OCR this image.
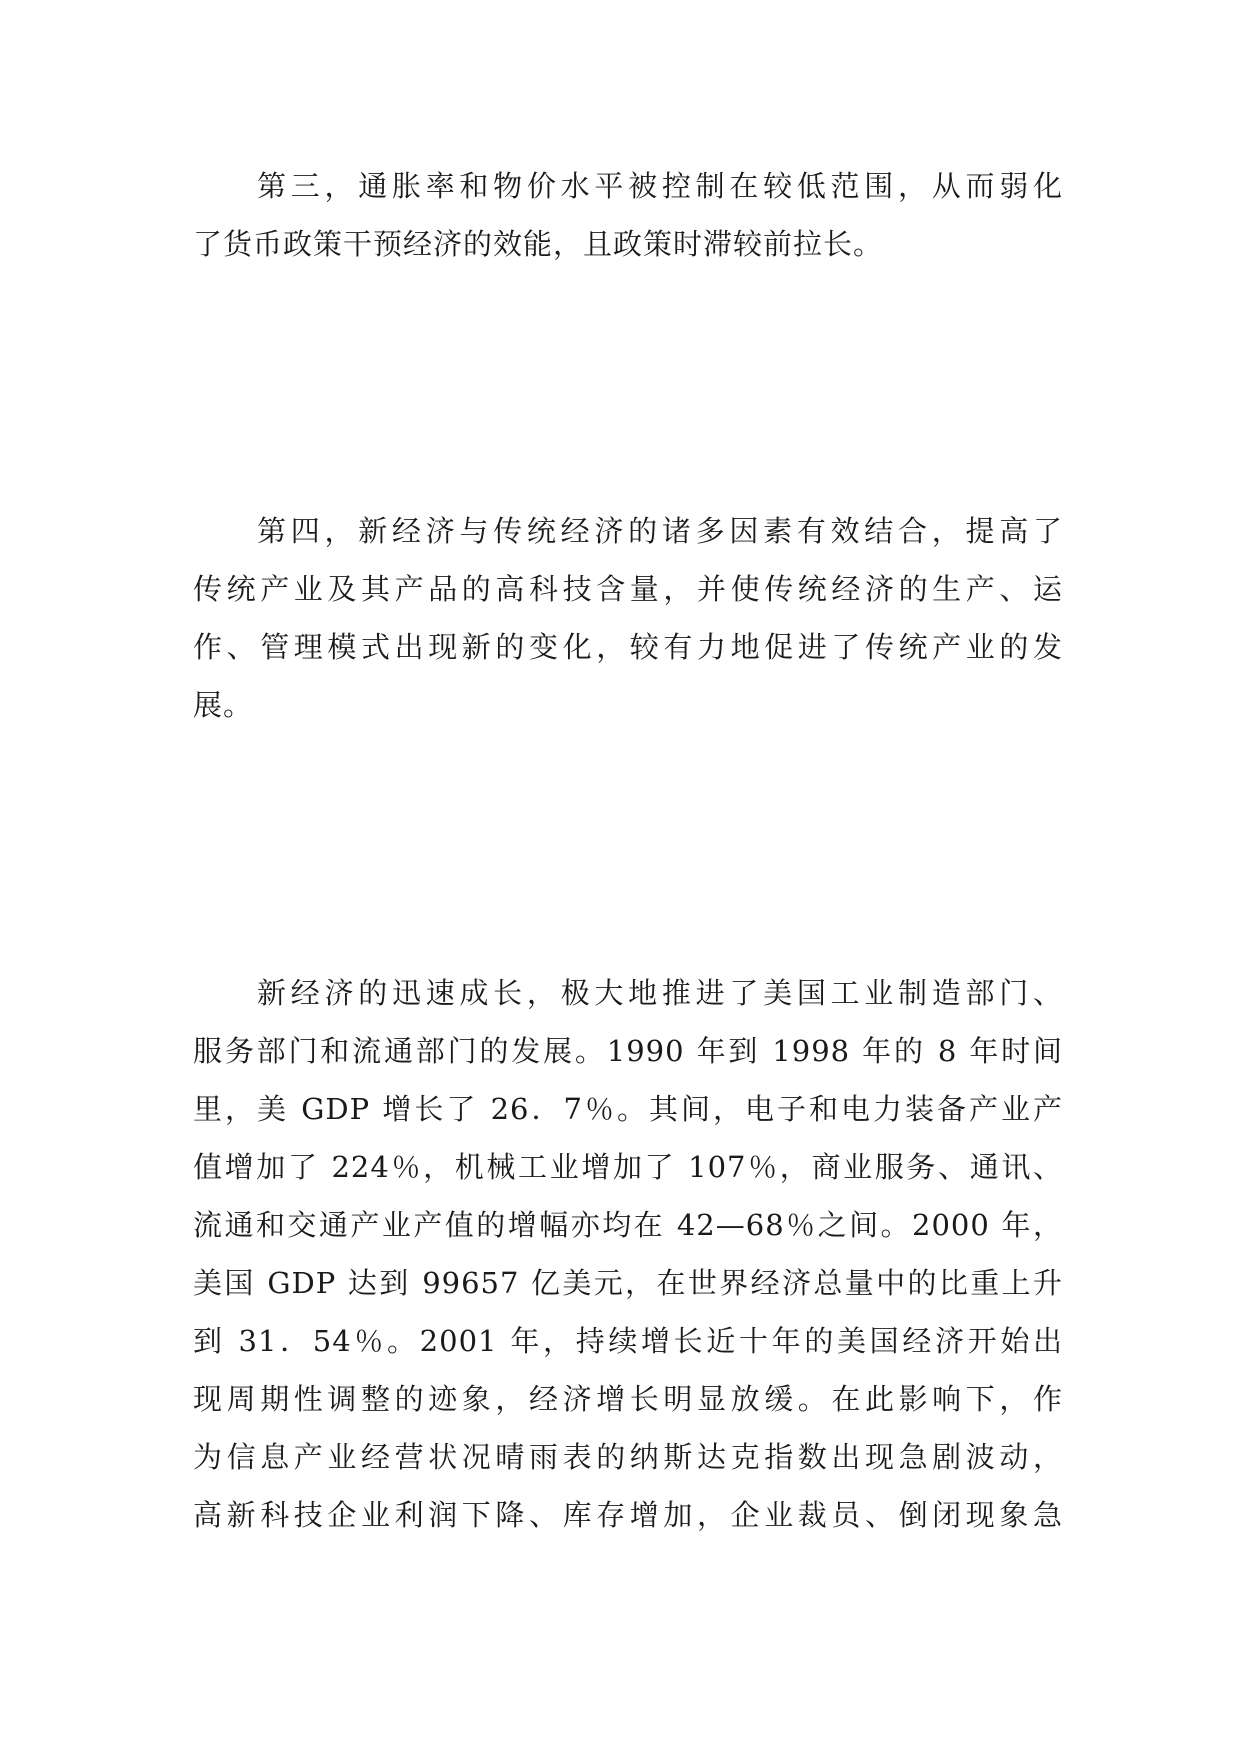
第三，通胀率和物价水平被控制在较低范围，从而弱化
了货币政策干预经济的效能，且政策时滞较前拉长。
第四，新经济与传统经济的诸多因素有效结合，提高了
传统产业及其产品的高科技含量，并使传统经济的生产、运
作、管理模式出现新的变化，较有力地促进了传统产业的发
展。
新经济的迅速成长，极大地推进了美国工业制造部门、
服务部门和流通部门的发展。1990 年到 1998 年的 8 年时间
里，美 GDP 增长了 26．7％。其间，电子和电力装备产业产
值增加了 224％，机械工业增加了 107％，商业服务、通讯、
流通和交通产业产值的增幅亦均在 42—68％之间。2000 年，
美国 GDP 达到 99657 亿美元，在世界经济总量中的比重上升
到 31．54％。2001 年，持续增长近十年的美国经济开始出
现周期性调整的迹象，经济增长明显放缓。在此影响下，作
为信息产业经营状况晴雨表的纳斯达克指数出现急剧波动，
高新科技企业利润下降、库存增加，企业裁员、倒闭现象急
